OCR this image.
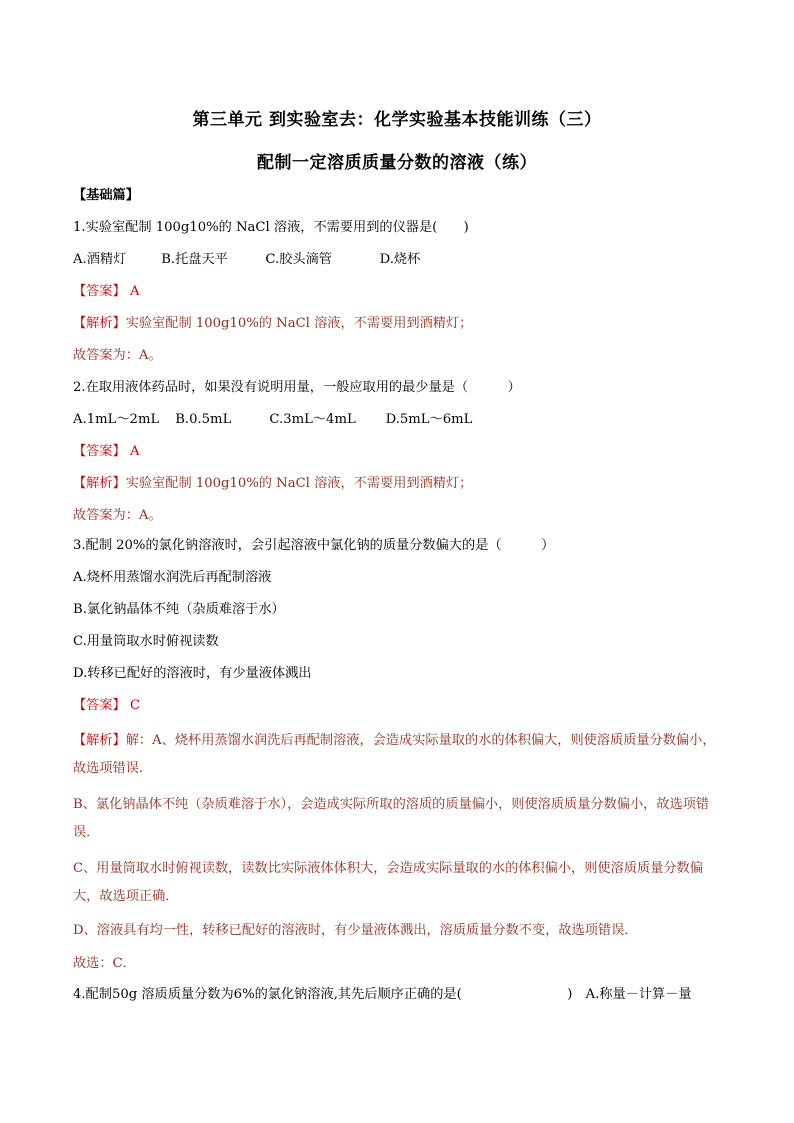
第三单元 到实验室去：化学实验基本技能训练（三）
配制一定溶质质量分数的溶液（练）
【基础篇】
1.实验室配制 100g10%的 NaCl 溶液，不需要用到的仪器是(　　)
A.酒精灯	B.托盘天平	C.胶头滴管	D.烧杯
【答案】 A
【解析】实验室配制 100g10%的 NaCl 溶液，不需要用到酒精灯；
故答案为：A。
2.在取用液体药品时，如果没有说明用量，一般应取用的最少量是（　　　）
A.1mL～2mL B.0.5mL	C.3mL～4mL D.5mL～6mL
【答案】 A
【解析】实验室配制 100g10%的 NaCl 溶液，不需要用到酒精灯；
故答案为：A。
3.配制 20%的氯化钠溶液时，会引起溶液中氯化钠的质量分数偏大的是（　　　）
A.烧杯用蒸馏水润洗后再配制溶液
B.氯化钠晶体不纯（杂质难溶于水）
C.用量筒取水时俯视读数
D.转移已配好的溶液时，有少量液体溅出
【答案】 C
【解析】解：A、烧杯用蒸馏水润洗后再配制溶液，会造成实际量取的水的体积偏大，则使溶质质量分数偏小，故选项错误．
B、氯化钠晶体不纯（杂质难溶于水），会造成实际所取的溶质的质量偏小，则使溶质质量分数偏小，故选项错误．
C、用量筒取水时俯视读数，读数比实际液体体积大，会造成实际量取的水的体积偏小，则使溶质质量分数偏大，故选项正确．
D、溶液具有均一性，转移已配好的溶液时，有少量液体溅出，溶质质量分数不变，故选项错误．
故选：C．
4.配制50g 溶质质量分数为6%的氯化钠溶液,其先后顺序正确的是(　　　　　　　　)　A.称量－计算－量
